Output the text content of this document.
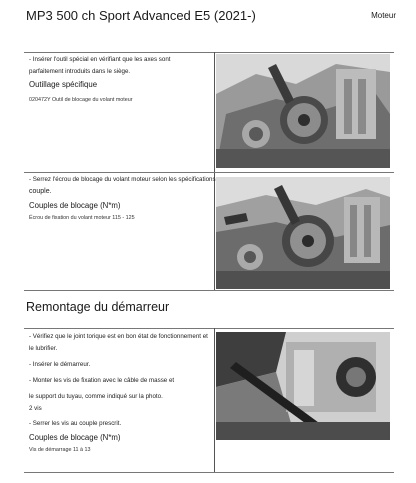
MP3 500 ch Sport Advanced E5 (2021-)	Moteur
- Insérer l'outil spécial en vérifiant que les axes sont
parfaitement introduits dans le siège.
Outillage spécifique
020472Y Outil de blocage du volant moteur
- Serrez l'écrou de blocage du volant moteur selon les spécifications
couple.
Couples de blocage (N*m)
Écrou de fixation du volant moteur 115 - 125
Remontage du démarreur
- Vérifiez que le joint torique est en bon état de fonctionnement et
le lubrifier.
- Insérer le démarreur.
- Monter les vis de fixation avec le câble de masse et
le support du tuyau, comme indiqué sur la photo.
2 vis
- Serrer les vis au couple prescrit.
Couples de blocage (N*m)
Vis de démarrage 11 à 13
